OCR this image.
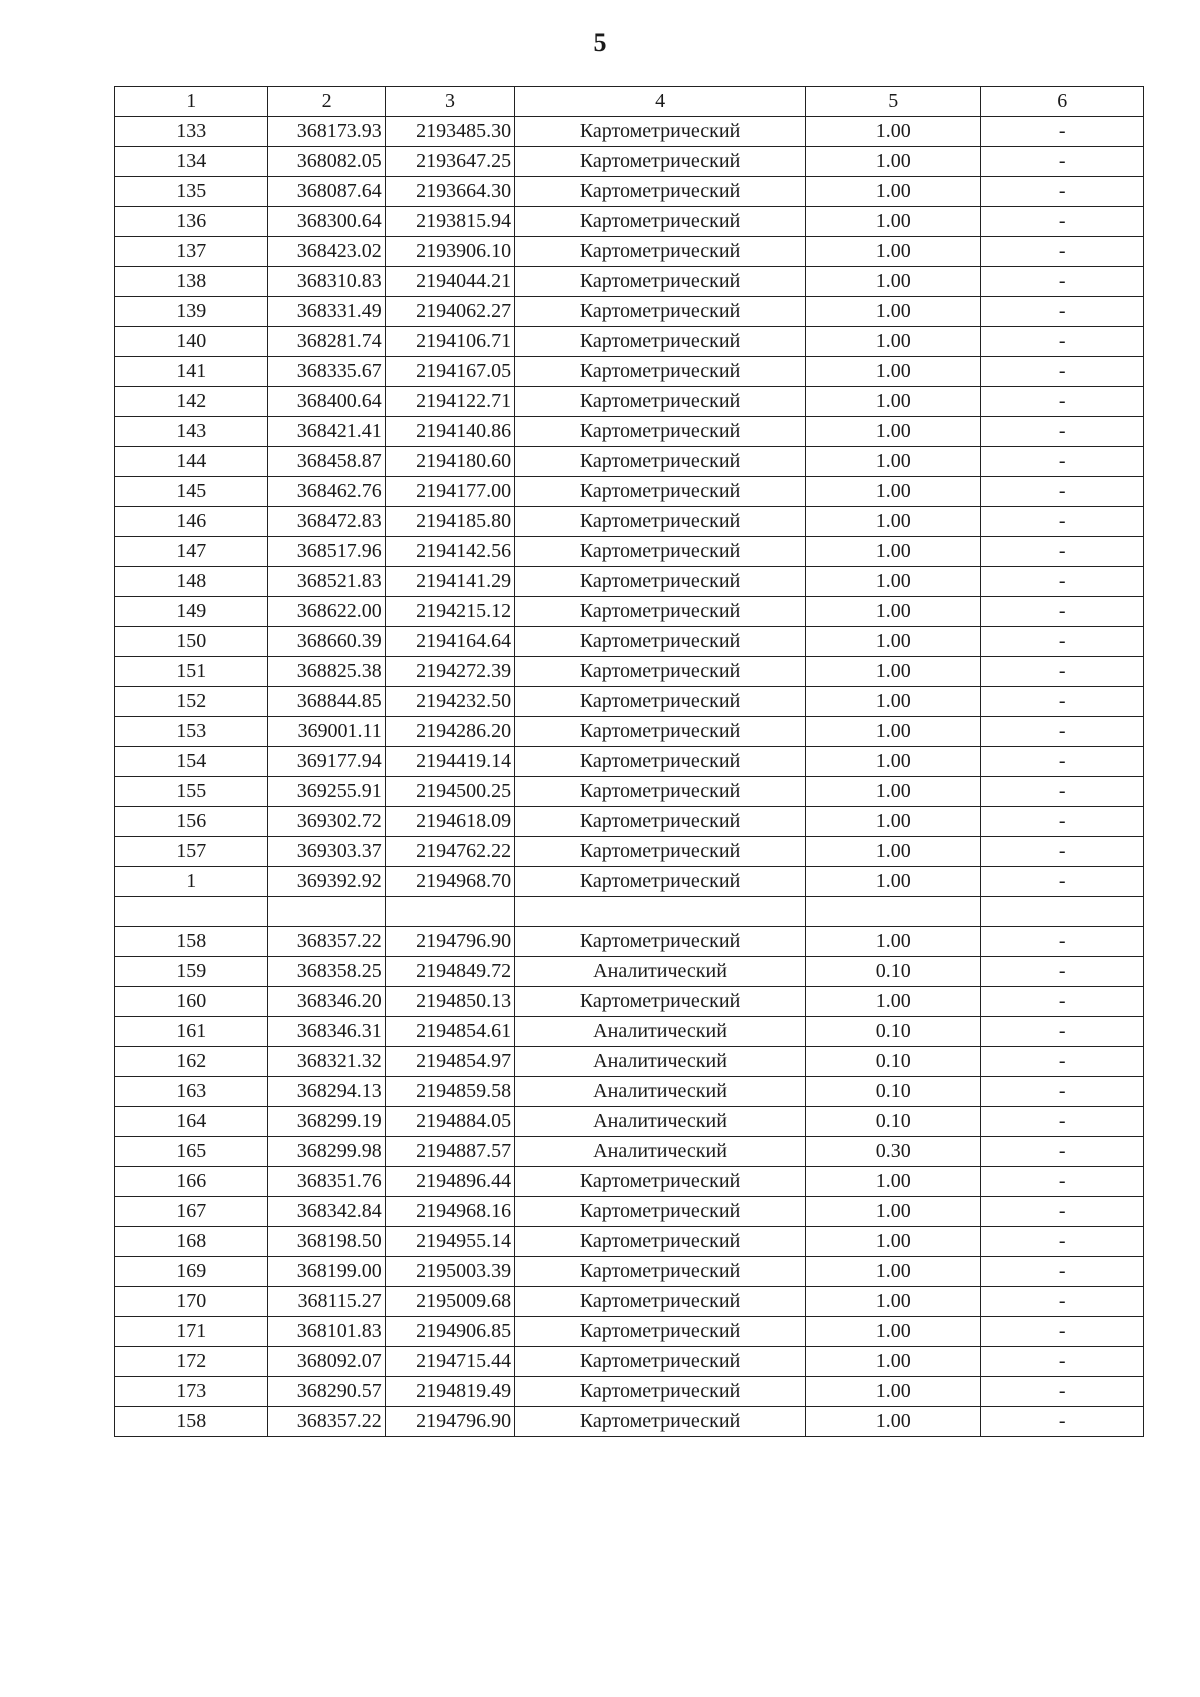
5
1	2	3	4	5	6
133	368173.93	2193485.30	Картометрический	1.00	-
134	368082.05	2193647.25	Картометрический	1.00	-
135	368087.64	2193664.30	Картометрический	1.00	-
136	368300.64	2193815.94	Картометрический	1.00	-
137	368423.02	2193906.10	Картометрический	1.00	-
138	368310.83	2194044.21	Картометрический	1.00	-
139	368331.49	2194062.27	Картометрический	1.00	-
140	368281.74	2194106.71	Картометрический	1.00	-
141	368335.67	2194167.05	Картометрический	1.00	-
142	368400.64	2194122.71	Картометрический	1.00	-
143	368421.41	2194140.86	Картометрический	1.00	-
144	368458.87	2194180.60	Картометрический	1.00	-
145	368462.76	2194177.00	Картометрический	1.00	-
146	368472.83	2194185.80	Картометрический	1.00	-
147	368517.96	2194142.56	Картометрический	1.00	-
148	368521.83	2194141.29	Картометрический	1.00	-
149	368622.00	2194215.12	Картометрический	1.00	-
150	368660.39	2194164.64	Картометрический	1.00	-
151	368825.38	2194272.39	Картометрический	1.00	-
152	368844.85	2194232.50	Картометрический	1.00	-
153	369001.11	2194286.20	Картометрический	1.00	-
154	369177.94	2194419.14	Картометрический	1.00	-
155	369255.91	2194500.25	Картометрический	1.00	-
156	369302.72	2194618.09	Картометрический	1.00	-
157	369303.37	2194762.22	Картометрический	1.00	-
1	369392.92	2194968.70	Картометрический	1.00	-

158	368357.22	2194796.90	Картометрический	1.00	-
159	368358.25	2194849.72	Аналитический	0.10	-
160	368346.20	2194850.13	Картометрический	1.00	-
161	368346.31	2194854.61	Аналитический	0.10	-
162	368321.32	2194854.97	Аналитический	0.10	-
163	368294.13	2194859.58	Аналитический	0.10	-
164	368299.19	2194884.05	Аналитический	0.10	-
165	368299.98	2194887.57	Аналитический	0.30	-
166	368351.76	2194896.44	Картометрический	1.00	-
167	368342.84	2194968.16	Картометрический	1.00	-
168	368198.50	2194955.14	Картометрический	1.00	-
169	368199.00	2195003.39	Картометрический	1.00	-
170	368115.27	2195009.68	Картометрический	1.00	-
171	368101.83	2194906.85	Картометрический	1.00	-
172	368092.07	2194715.44	Картометрический	1.00	-
173	368290.57	2194819.49	Картометрический	1.00	-
158	368357.22	2194796.90	Картометрический	1.00	-
